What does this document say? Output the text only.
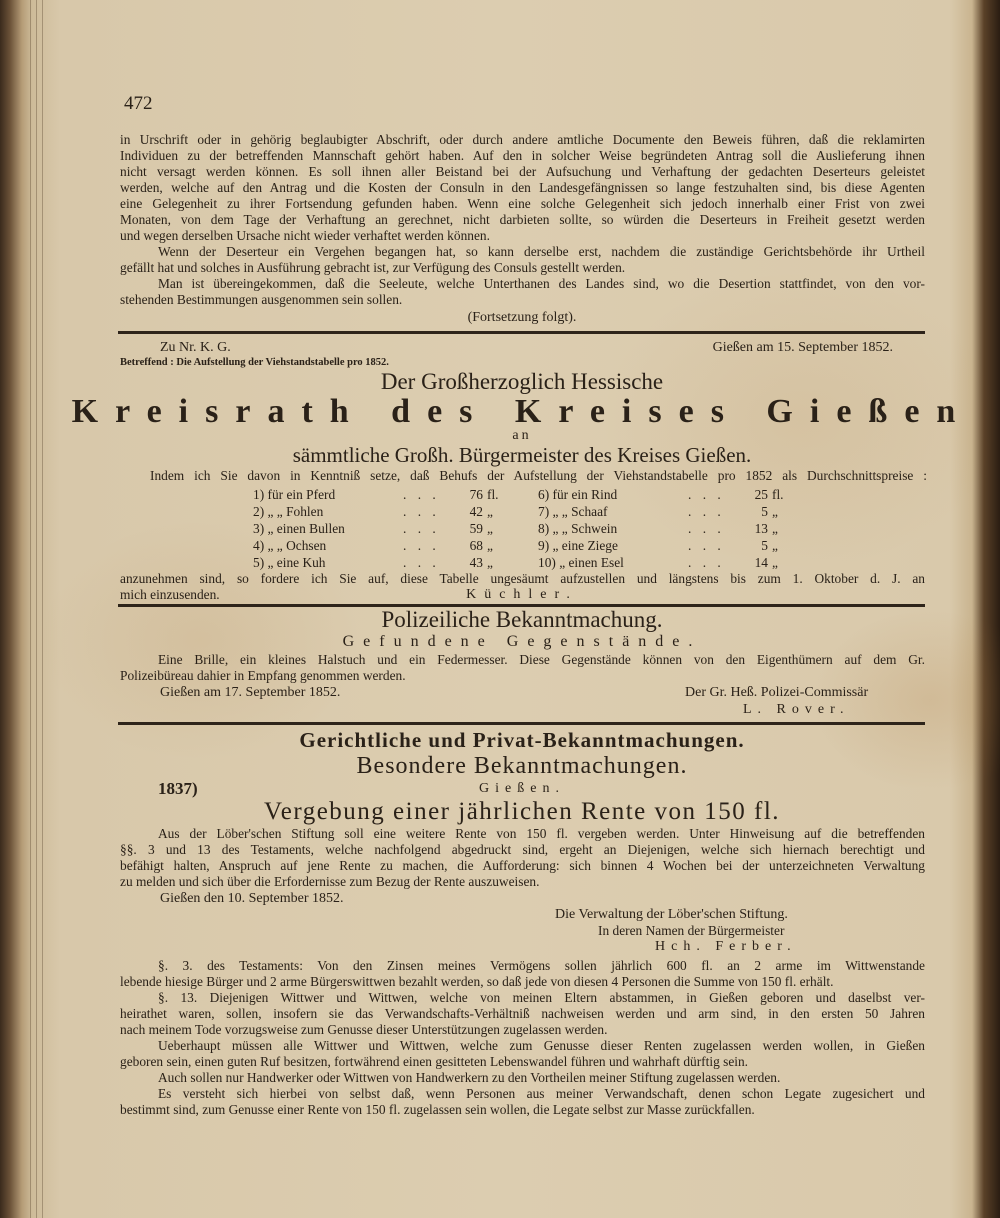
472
in Urschrift oder in gehörig beglaubigter Abschrift, oder durch andere amtliche Documente den Beweis führen, daß die reklamirten
Individuen zu der betreffenden Mannschaft gehört haben. Auf den in solcher Weise begründeten Antrag soll die Auslieferung ihnen
nicht versagt werden können. Es soll ihnen aller Beistand bei der Aufsuchung und Verhaftung der gedachten Deserteurs geleistet
werden, welche auf den Antrag und die Kosten der Consuln in den Landesgefängnissen so lange festzuhalten sind, bis diese Agenten
eine Gelegenheit zu ihrer Fortsendung gefunden haben. Wenn eine solche Gelegenheit sich jedoch innerhalb einer Frist von zwei
Monaten, von dem Tage der Verhaftung an gerechnet, nicht darbieten sollte, so würden die Deserteurs in Freiheit gesetzt werden
und wegen derselben Ursache nicht wieder verhaftet werden können.
Wenn der Deserteur ein Vergehen begangen hat, so kann derselbe erst, nachdem die zuständige Gerichtsbehörde ihr Urtheil
gefällt hat und solches in Ausführung gebracht ist, zur Verfügung des Consuls gestellt werden.
Man ist übereingekommen, daß die Seeleute, welche Unterthanen des Landes sind, wo die Desertion stattfindet, von den vor-
stehenden Bestimmungen ausgenommen sein sollen.
(Fortsetzung folgt).
Zu Nr. K. G.	Gießen am 15. September 1852.
Betreffend : Die Aufstellung der Viehstandstabelle pro 1852.
Der Großherzoglich Hessische
Kreisrath des Kreises Gießen
an
sämmtliche Großh. Bürgermeister des Kreises Gießen.
Indem ich Sie davon in Kenntniß setze, daß Behufs der Aufstellung der Viehstandstabelle pro 1852 als Durchschnittspreise :
1) für ein Pferd	. . . 76 fl.
2) „ „ Fohlen	. . . 42 „
3) „ einen Bullen	. . . 59 „
4) „ „ Ochsen	. . . 68 „
5) „ eine Kuh	. . . 43 „
6) für ein Rind	. . . 25 fl.
7) „ „ Schaaf	. . .	5 „
8) „ „ Schwein	. . . 13 „
9) „ eine Ziege	. . .	5 „
10) „ einen Esel	. . . 14 „
anzunehmen sind, so fordere ich Sie auf, diese Tabelle ungesäumt aufzustellen und längstens bis zum 1. Oktober d. J. an
mich einzusenden.	Küchler.
Polizeiliche Bekanntmachung.
Gefundene Gegenstände.
Eine Brille, ein kleines Halstuch und ein Federmesser. Diese Gegenstände können von den Eigenthümern auf dem Gr.
Polizeibüreau dahier in Empfang genommen werden.
Gießen am 17. September 1852.	Der Gr. Heß. Polizei-Commissär
L. Rover.
Gerichtliche und Privat-Bekanntmachungen.
Besondere Bekanntmachungen.
1837)	Gießen.
Vergebung einer jährlichen Rente von 150 fl.
Aus der Löber'schen Stiftung soll eine weitere Rente von 150 fl. vergeben werden. Unter Hinweisung auf die betreffenden
§§. 3 und 13 des Testaments, welche nachfolgend abgedruckt sind, ergeht an Diejenigen, welche sich hiernach berechtigt und
befähigt halten, Anspruch auf jene Rente zu machen, die Aufforderung: sich binnen 4 Wochen bei der unterzeichneten Verwaltung
zu melden und sich über die Erfordernisse zum Bezug der Rente auszuweisen.
Gießen den 10. September 1852.
Die Verwaltung der Löber'schen Stiftung.
In deren Namen der Bürgermeister
Hch. Ferber.
§. 3. des Testaments: Von den Zinsen meines Vermögens sollen jährlich 600 fl. an 2 arme im Wittwenstande
lebende hiesige Bürger und 2 arme Bürgerswittwen bezahlt werden, so daß jede von diesen 4 Personen die Summe von 150 fl. erhält.
§. 13. Diejenigen Wittwer und Wittwen, welche von meinen Eltern abstammen, in Gießen geboren und daselbst ver-
heirathet waren, sollen, insofern sie das Verwandschafts-Verhältniß nachweisen werden und arm sind, in den ersten 50 Jahren
nach meinem Tode vorzugsweise zum Genusse dieser Unterstützungen zugelassen werden.
Ueberhaupt müssen alle Wittwer und Wittwen, welche zum Genusse dieser Renten zugelassen werden wollen, in Gießen
geboren sein, einen guten Ruf besitzen, fortwährend einen gesitteten Lebenswandel führen und wahrhaft dürftig sein.
Auch sollen nur Handwerker oder Wittwen von Handwerkern zu den Vortheilen meiner Stiftung zugelassen werden.
Es versteht sich hierbei von selbst daß, wenn Personen aus meiner Verwandschaft, denen schon Legate zugesichert und
bestimmt sind, zum Genusse einer Rente von 150 fl. zugelassen sein wollen, die Legate selbst zur Masse zurückfallen.
